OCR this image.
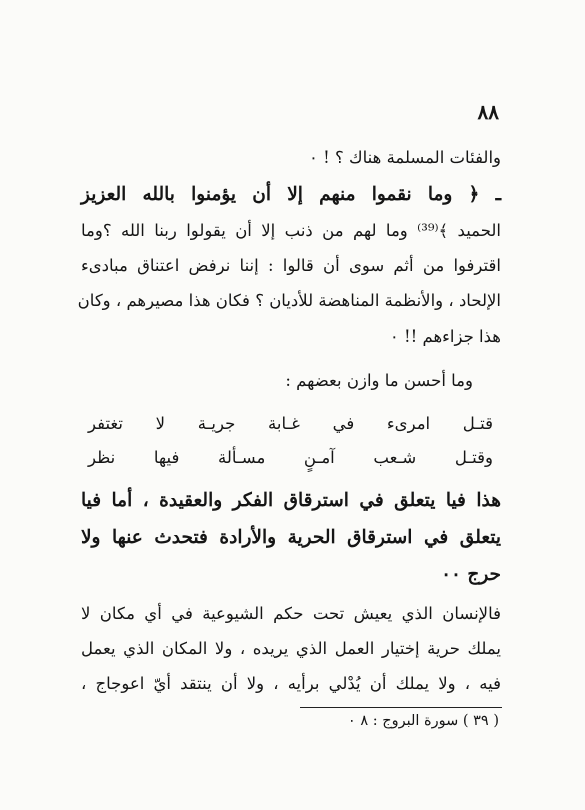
٨٨
والفئات المسلمة هناك ؟ ! ٠
ـ ﴿ وما نقموا منهم إلا أن يؤمنوا بالله العزيز
الحميد ﴾⁽³⁹⁾ وما لهم من ذنب إلا أن يقولوا ربنا الله ؟وما
اقترفوا من أثم سوى أن قالوا : إننا نرفض اعتناق مبادىء
الإلحاد ، والأنظمة المناهضة للأديان ؟ فكان هذا مصيرهم ، وكان
هذا جزاءهم !! ٠
وما أحسن ما وازن بعضهم :
قتـل
امرىء
في
غـابة
جريـة
لا
تغتفر
وقتـل
شـعب
آمـنٍ
مسـألة
فيها
نظر
هذا فيا يتعلق في استرقاق الفكر والعقيدة ، أما فيا
يتعلق في استرقاق الحرية والأرادة فتحدث عنها ولا
حرج ٠٠
فالإنسان الذي يعيش تحت حكم الشيوعية في أي مكان لا
يملك حرية إختيار العمل الذي يريده ، ولا المكان الذي يعمل
فيه ، ولا يملك أن يُدْلي برأيه ، ولا أن ينتقد أيّ اعوجاج ،
( ٣٩ ) سورة البروج : ٨ ٠
